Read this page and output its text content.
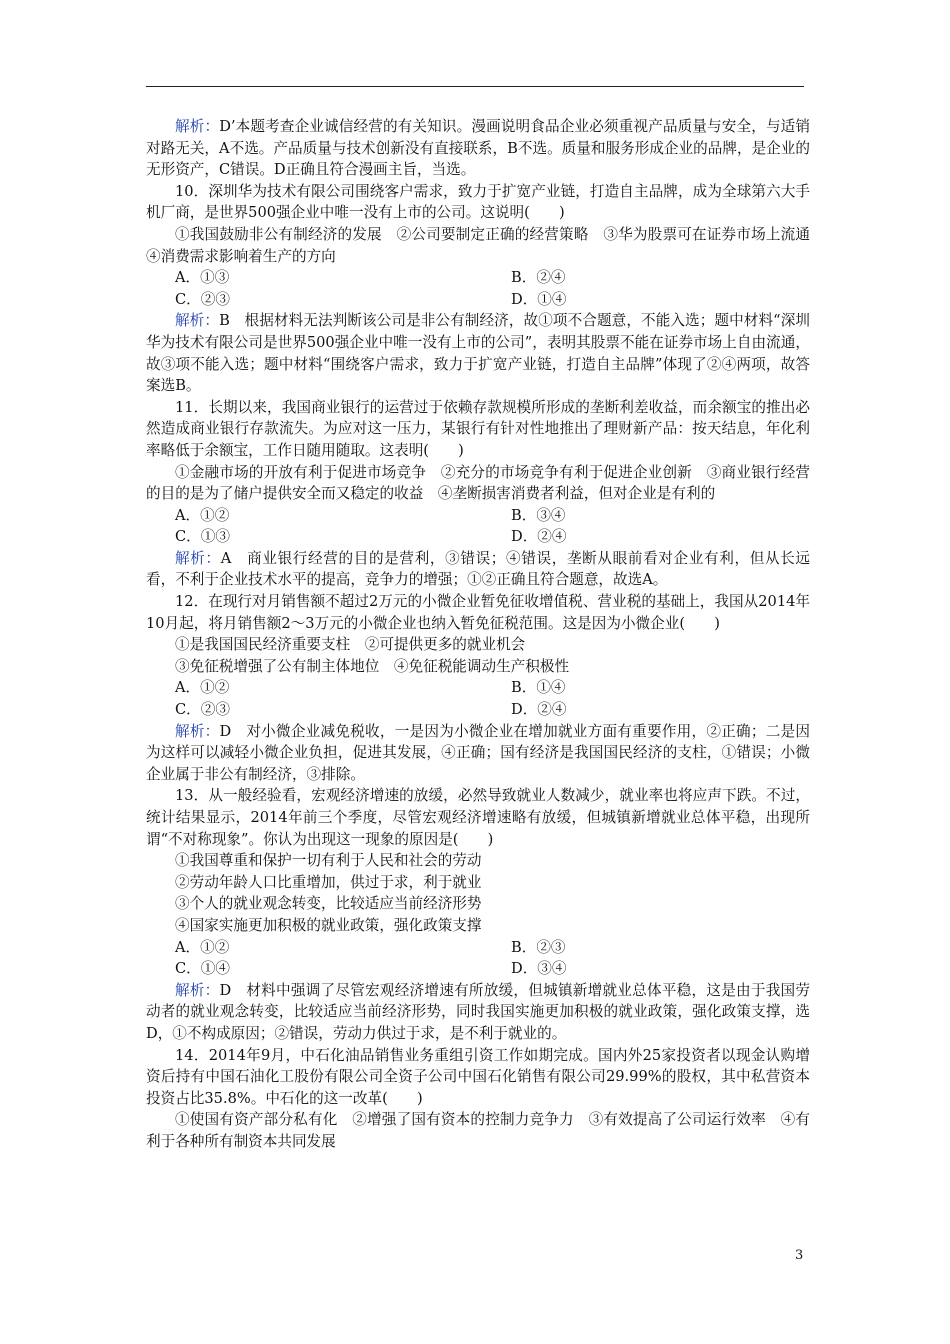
解析：D’本题考查企业诚信经营的有关知识。漫画说明食品企业必须重视产品质量与安全，与适销对路无关，A不选。产品质量与技术创新没有直接联系，B不选。质量和服务形成企业的品牌，是企业的无形资产，C错误。D正确且符合漫画主旨，当选。

10．深圳华为技术有限公司围绕客户需求，致力于扩宽产业链，打造自主品牌，成为全球第六大手机厂商，是世界500强企业中唯一没有上市的公司。这说明(　　)

①我国鼓励非公有制经济的发展　②公司要制定正确的经营策略　③华为股票可在证券市场上流通　④消费需求影响着生产的方向

A．①③	B．②④
C．②③	D．①④

解析：B　根据材料无法判断该公司是非公有制经济，故①项不合题意，不能入选；题中材料“深圳华为技术有限公司是世界500强企业中唯一没有上市的公司”，表明其股票不能在证券市场上自由流通，故③项不能入选；题中材料“围绕客户需求，致力于扩宽产业链，打造自主品牌”体现了②④两项，故答案选B。

11．长期以来，我国商业银行的运营过于依赖存款规模所形成的垄断利差收益，而余额宝的推出必然造成商业银行存款流失。为应对这一压力，某银行有针对性地推出了理财新产品：按天结息，年化利率略低于余额宝，工作日随用随取。这表明(　　)

①金融市场的开放有利于促进市场竞争　②充分的市场竞争有利于促进企业创新　③商业银行经营的目的是为了储户提供安全而又稳定的收益　④垄断损害消费者利益，但对企业是有利的

A．①②	B．③④
C．①③	D．②④

解析：A　商业银行经营的目的是营利，③错误；④错误，垄断从眼前看对企业有利，但从长远看，不利于企业技术水平的提高，竞争力的增强；①②正确且符合题意，故选A。

12．在现行对月销售额不超过2万元的小微企业暂免征收增值税、营业税的基础上，我国从2014年10月起，将月销售额2～3万元的小微企业也纳入暂免征税范围。这是因为小微企业(　　)

①是我国国民经济重要支柱　②可提供更多的就业机会

③免征税增强了公有制主体地位　④免征税能调动生产积极性

A．①②	B．①④
C．②③	D．②④

解析：D　对小微企业减免税收，一是因为小微企业在增加就业方面有重要作用，②正确；二是因为这样可以减轻小微企业负担，促进其发展，④正确；国有经济是我国国民经济的支柱，①错误；小微企业属于非公有制经济，③排除。

13．从一般经验看，宏观经济增速的放缓，必然导致就业人数减少，就业率也将应声下跌。不过，统计结果显示，2014年前三个季度，尽管宏观经济增速略有放缓，但城镇新增就业总体平稳，出现所谓“不对称现象”。你认为出现这一现象的原因是(　　)

①我国尊重和保护一切有利于人民和社会的劳动

②劳动年龄人口比重增加，供过于求，利于就业

③个人的就业观念转变，比较适应当前经济形势

④国家实施更加积极的就业政策，强化政策支撑

A．①②	B．②③
C．①④	D．③④

解析：D　材料中强调了尽管宏观经济增速有所放缓，但城镇新增就业总体平稳，这是由于我国劳动者的就业观念转变，比较适应当前经济形势，同时我国实施更加积极的就业政策，强化政策支撑，选D，①不构成原因；②错误，劳动力供过于求，是不利于就业的。

14．2014年9月，中石化油品销售业务重组引资工作如期完成。国内外25家投资者以现金认购增资后持有中国石油化工股份有限公司全资子公司中国石化销售有限公司29.99%的股权，其中私营资本投资占比35.8%。中石化的这一改革(　　)

①使国有资产部分私有化　②增强了国有资本的控制力竞争力　③有效提高了公司运行效率　④有利于各种所有制资本共同发展

3
